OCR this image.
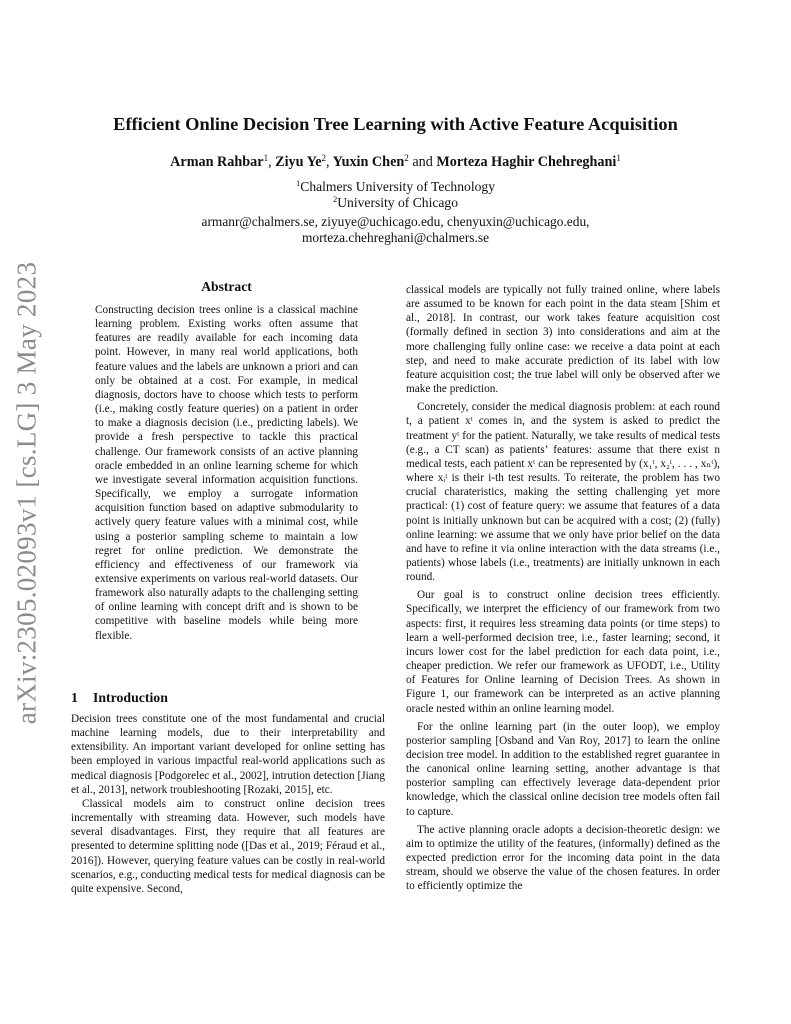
arXiv:2305.02093v1 [cs.LG] 3 May 2023
Efficient Online Decision Tree Learning with Active Feature Acquisition
Arman Rahbar$^1$, Ziyu Ye$^2$, Yuxin Chen$^2$ and Morteza Haghir Chehreghani$^1$
$^1$Chalmers University of Technology
$^2$University of Chicago
armanr@chalmers.se, ziyuye@uchicago.edu, chenyuxin@uchicago.edu,
morteza.chehreghani@chalmers.se
Abstract

Constructing decision trees online is a classical machine learning problem. Existing works often assume that features are readily available for each incoming data point. However, in many real world applications, both feature values and the labels are unknown a priori and can only be obtained at a cost. For example, in medical diagnosis, doctors have to choose which tests to perform (i.e., making costly feature queries) on a patient in order to make a diagnosis decision (i.e., predicting labels). We provide a fresh perspective to tackle this practical challenge. Our framework consists of an active planning oracle embedded in an online learning scheme for which we investigate several information acquisition functions. Specifically, we employ a surrogate information acquisition function based on adaptive submodularity to actively query feature values with a minimal cost, while using a posterior sampling scheme to maintain a low regret for online prediction. We demonstrate the efficiency and effectiveness of our framework via extensive experiments on various real-world datasets. Our framework also naturally adapts to the challenging setting of online learning with concept drift and is shown to be competitive with baseline models while being more flexible.

1 Introduction

Decision trees constitute one of the most fundamental and crucial machine learning models, due to their interpretability and extensibility. An important variant developed for online setting has been employed in various impactful real-world applications such as medical diagnosis [Podgorelec et al., 2002], intrution detection [Jiang et al., 2013], network troubleshooting [Rozaki, 2015], etc.

Classical models aim to construct online decision trees incrementally with streaming data. However, such models have several disadvantages. First, they require that all features are presented to determine splitting node ([Das et al., 2019; Féraud et al., 2016]). However, querying feature values can be costly in real-world scenarios, e.g., conducting medical tests for medical diagnosis can be quite expensive. Second,

classical models are typically not fully trained online, where labels are assumed to be known for each point in the data steam [Shim et al., 2018]. In contrast, our work takes feature acquisition cost (formally defined in section 3) into considerations and aim at the more challenging fully online case: we receive a data point at each step, and need to make accurate prediction of its label with low feature acquisition cost; the true label will only be observed after we make the prediction.

Concretely, consider the medical diagnosis problem: at each round t, a patient xᵗ comes in, and the system is asked to predict the treatment yᵗ for the patient. Naturally, we take results of medical tests (e.g., a CT scan) as patients’ features: assume that there exist n medical tests, each patient xᵗ can be represented by (x₁ᵗ, x₂ᵗ, . . . , xₙᵗ), where xᵢᵗ is their i-th test results. To reiterate, the problem has two crucial charateristics, making the setting challenging yet more practical: (1) cost of feature query: we assume that features of a data point is initially unknown but can be acquired with a cost; (2) (fully) online learning: we assume that we only have prior belief on the data and have to refine it via online interaction with the data streams (i.e., patients) whose labels (i.e., treatments) are initially unknown in each round.

Our goal is to construct online decision trees efficiently. Specifically, we interpret the efficiency of our framework from two aspects: first, it requires less streaming data points (or time steps) to learn a well-performed decision tree, i.e., faster learning; second, it incurs lower cost for the label prediction for each data point, i.e., cheaper prediction. We refer our framework as UFODT, i.e., Utility of Features for Online learning of Decision Trees. As shown in Figure 1, our framework can be interpreted as an active planning oracle nested within an online learning model.

For the online learning part (in the outer loop), we employ posterior sampling [Osband and Van Roy, 2017] to learn the online decision tree model. In addition to the established regret guarantee in the canonical online learning setting, another advantage is that posterior sampling can effectively leverage data-dependent prior knowledge, which the classical online decision tree models often fail to capture.

The active planning oracle adopts a decision-theoretic design: we aim to optimize the utility of the features, (informally) defined as the expected prediction error for the incoming data point in the data stream, should we observe the value of the chosen features. In order to efficiently optimize the
